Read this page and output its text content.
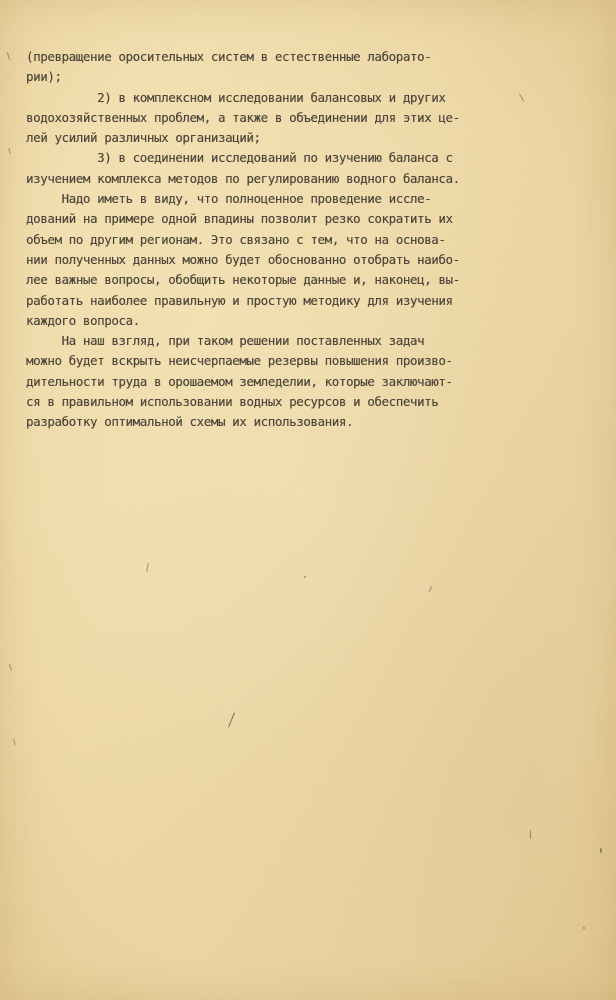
(превращение оросительных систем в естественные лаборато-
рии);
2) в комплексном исследовании балансовых и других
водохозяйственных проблем, а также в объединении для этих це-
лей усилий различных организаций;
3) в соединении исследований по изучению баланса с
изучением комплекса методов по регулированию водного баланса.
Надо иметь в виду, что полноценное проведение иссле-
дований на примере одной впадины позволит резко сократить их
объем по другим регионам. Это связано с тем, что на основа-
нии полученных данных можно будет обоснованно отобрать наибо-
лее важные вопросы, обобщить некоторые данные и, наконец, вы-
работать наиболее правильную и простую методику для изучения
каждого вопроса.
На наш взгляд, при таком решении поставленных задач
можно будет вскрыть неисчерпаемые резервы повышения произво-
дительности труда в орошаемом земледелии, которые заключают-
ся в правильном использовании водных ресурсов и обеспечить
разработку оптимальной схемы их использования.
